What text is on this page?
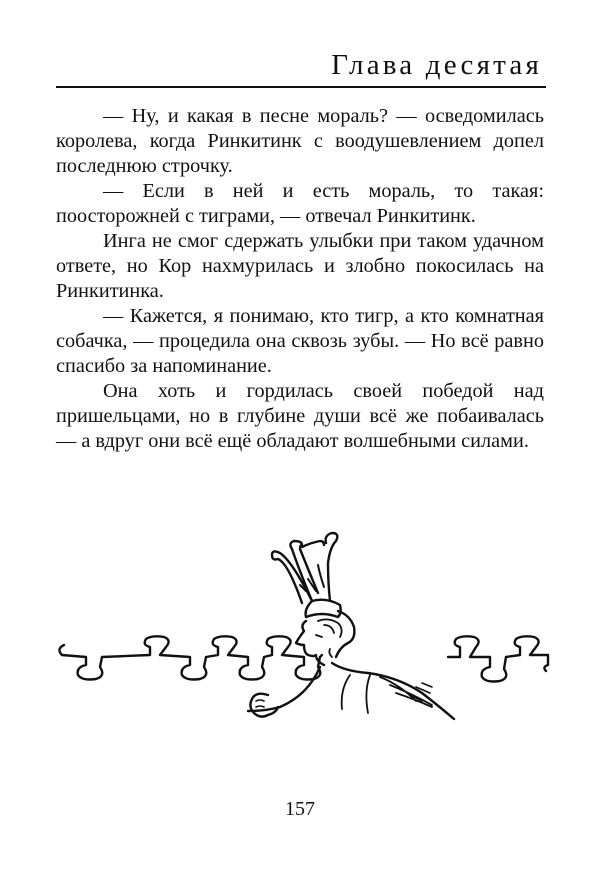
Глава десятая

— Ну, и какая в песне мораль? — осведомилась королева, когда Ринкитинк с воодушевлением допел последнюю строчку.

— Если в ней и есть мораль, то такая: поосторожней с тиграми, — отвечал Ринкитинк.

Инга не смог сдержать улыбки при таком удачном ответе, но Кор нахмурилась и злобно покосилась на Ринкитинка.

— Кажется, я понимаю, кто тигр, а кто комнатная собачка, — процедила она сквозь зубы. — Но всё равно спасибо за напоминание.

Она хоть и гордилась своей победой над пришельцами, но в глубине души всё же побаивалась — а вдруг они всё ещё обладают волшебными силами.

157
